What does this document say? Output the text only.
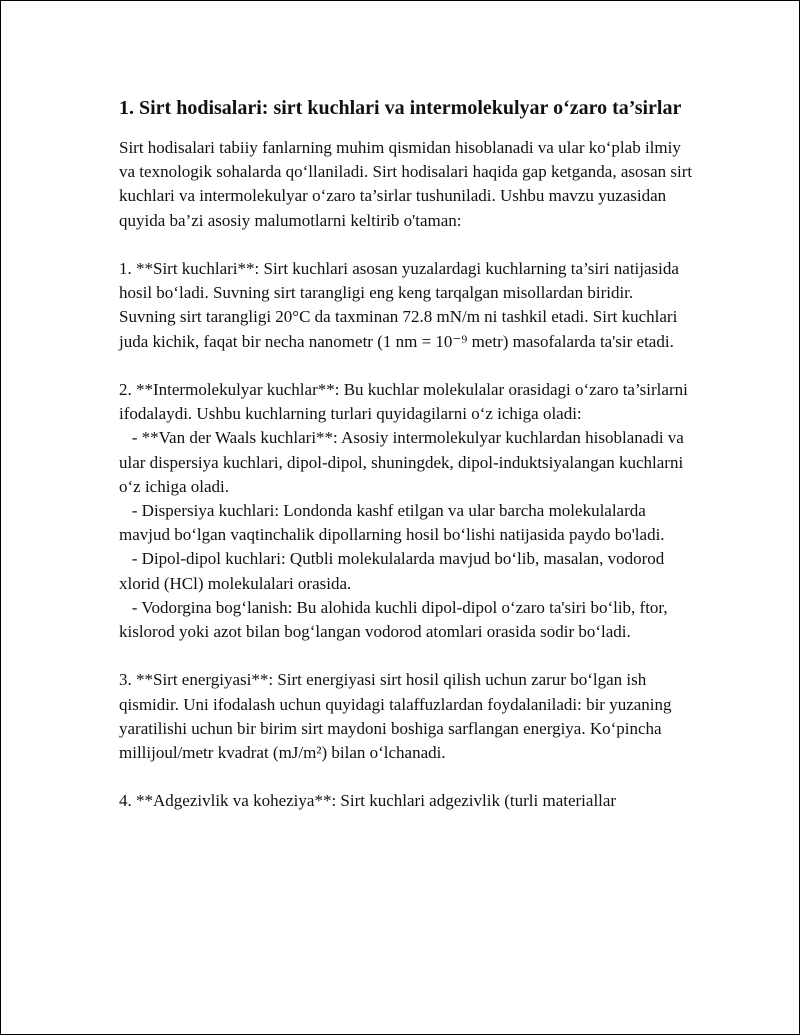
1. Sirt hodisalari: sirt kuchlari va intermolekulyar o‘zaro ta’sirlar

Sirt hodisalari tabiiy fanlarning muhim qismidan hisoblanadi va ular ko‘plab ilmiy va texnologik sohalarda qo‘llaniladi. Sirt hodisalari haqida gap ketganda, asosan sirt kuchlari va intermolekulyar o‘zaro ta’sirlar tushuniladi. Ushbu mavzu yuzasidan quyida ba’zi asosiy malumotlarni keltirib o'taman:

1. **Sirt kuchlari**: Sirt kuchlari asosan yuzalardagi kuchlarning ta’siri natijasida hosil bo‘ladi. Suvning sirt tarangligi eng keng tarqalgan misollardan biridir. Suvning sirt tarangligi 20°C da taxminan 72.8 mN/m ni tashkil etadi. Sirt kuchlari juda kichik, faqat bir necha nanometr (1 nm = 10⁻⁹ metr) masofalarda ta'sir etadi.

2. **Intermolekulyar kuchlar**: Bu kuchlar molekulalar orasidagi o‘zaro ta’sirlarni ifodalaydi. Ushbu kuchlarning turlari quyidagilarni o‘z ichiga oladi:
- **Van der Waals kuchlari**: Asosiy intermolekulyar kuchlardan hisoblanadi va ular dispersiya kuchlari, dipol-dipol, shuningdek, dipol-induktsiyalangan kuchlarni o‘z ichiga oladi.
- Dispersiya kuchlari: Londonda kashf etilgan va ular barcha molekulalarda mavjud bo‘lgan vaqtinchalik dipollarning hosil bo‘lishi natijasida paydo bo'ladi.
- Dipol-dipol kuchlari: Qutbli molekulalarda mavjud bo‘lib, masalan, vodorod xlorid (HCl) molekulalari orasida.
- Vodorgina bog‘lanish: Bu alohida kuchli dipol-dipol o‘zaro ta'siri bo‘lib, ftor, kislorod yoki azot bilan bog‘langan vodorod atomlari orasida sodir bo‘ladi.

3. **Sirt energiyasi**: Sirt energiyasi sirt hosil qilish uchun zarur bo‘lgan ish qismidir. Uni ifodalash uchun quyidagi talaffuzlardan foydalaniladi: bir yuzaning yaratilishi uchun bir birim sirt maydoni boshiga sarflangan energiya. Ko‘pincha millijoul/metr kvadrat (mJ/m²) bilan o‘lchanadi.

4. **Adgezivlik va koheziya**: Sirt kuchlari adgezivlik (turli materiallar
